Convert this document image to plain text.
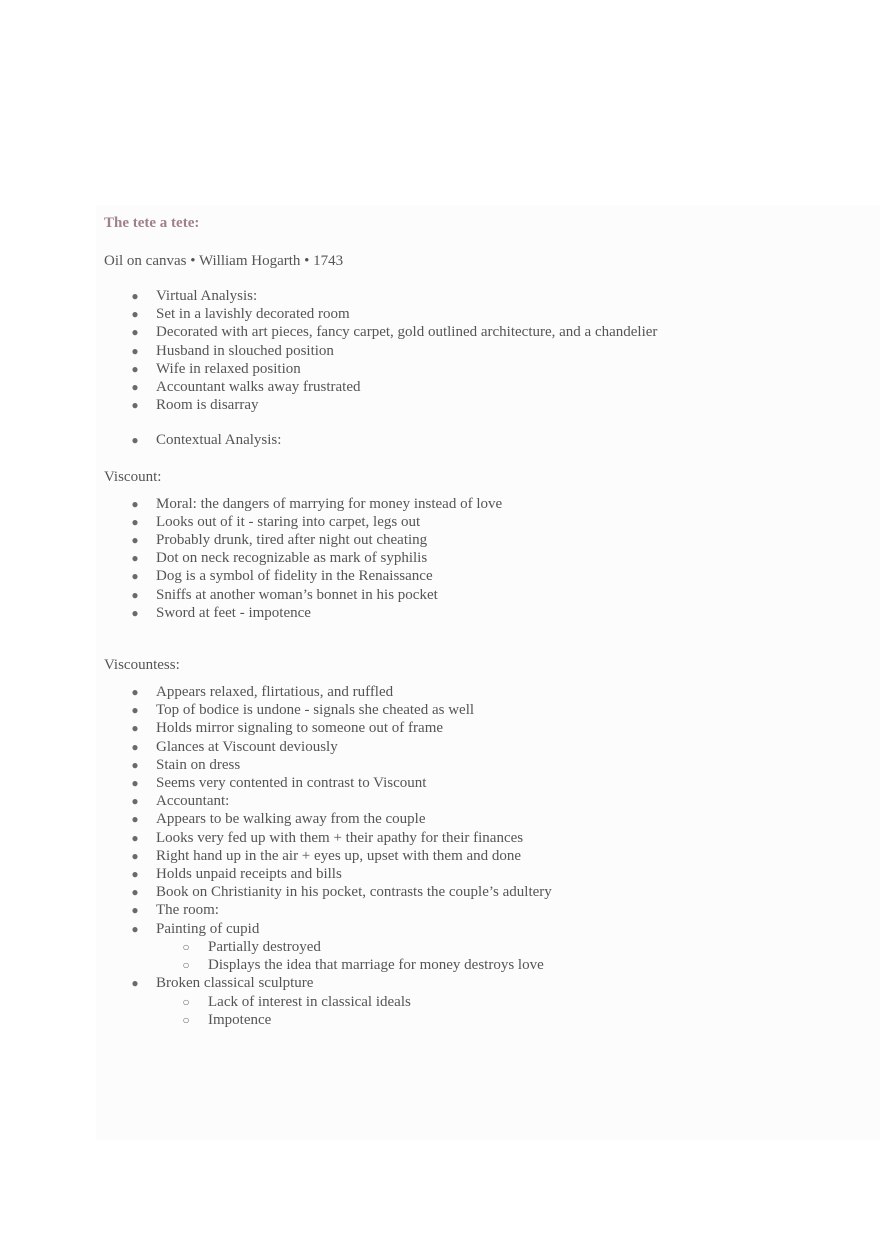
The tete a tete:

Oil on canvas • William Hogarth • 1743

● Virtual Analysis:
● Set in a lavishly decorated room
● Decorated with art pieces, fancy carpet, gold outlined architecture, and a chandelier
● Husband in slouched position
● Wife in relaxed position
● Accountant walks away frustrated
● Room is disarray
● Contextual Analysis:

Viscount:

● Moral: the dangers of marrying for money instead of love
● Looks out of it - staring into carpet, legs out
● Probably drunk, tired after night out cheating
● Dot on neck recognizable as mark of syphilis
● Dog is a symbol of fidelity in the Renaissance
● Sniffs at another woman’s bonnet in his pocket
● Sword at feet - impotence

Viscountess:

● Appears relaxed, flirtatious, and ruffled
● Top of bodice is undone - signals she cheated as well
● Holds mirror signaling to someone out of frame
● Glances at Viscount deviously
● Stain on dress
● Seems very contented in contrast to Viscount
● Accountant:
● Appears to be walking away from the couple
● Looks very fed up with them + their apathy for their finances
● Right hand up in the air + eyes up, upset with them and done
● Holds unpaid receipts and bills
● Book on Christianity in his pocket, contrasts the couple’s adultery
● The room:
● Painting of cupid
○ Partially destroyed
○ Displays the idea that marriage for money destroys love
● Broken classical sculpture
○ Lack of interest in classical ideals
○ Impotence
